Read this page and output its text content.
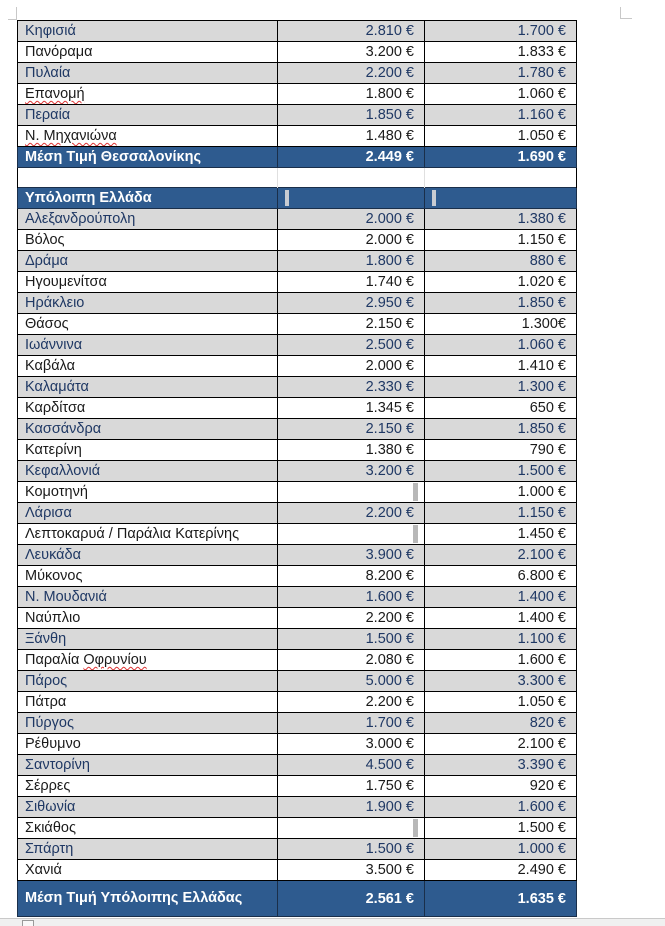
Κηφισιά	2.810 €	1.700 €
Πανόραμα	3.200 €	1.833 €
Πυλαία	2.200 €	1.780 €
Επανομή	1.800 €	1.060 €
Περαία	1.850 €	1.160 €
Ν. Μηχανιώνα	1.480 €	1.050 €
Μέση Τιμή Θεσσαλονίκης	2.449 €	1.690 €

Υπόλοιπη Ελλάδα	

Αλεξανδρούπολη	2.000 €	1.380 €
Βόλος	2.000 €	1.150 €
Δράμα	1.800 €	880 €
Ηγουμενίτσα	1.740 €	1.020 €
Ηράκλειο	2.950 €	1.850 €
Θάσος	2.150 €	1.300€
Ιωάννινα	2.500 €	1.060 €
Καβάλα	2.000 €	1.410 €
Καλαμάτα	2.330 €	1.300 €
Καρδίτσα	1.345 €	650 €
Κασσάνδρα	2.150 €	1.850 €
Κατερίνη	1.380 €	790 €
Κεφαλλονιά	3.200 €	1.500 €
Κομοτηνή		1.000 €
Λάρισα	2.200 €	1.150 €
Λεπτοκαρυά / Παράλια Κατερίνης		1.450 €
Λευκάδα	3.900 €	2.100 €
Μύκονος	8.200 €	6.800 €
Ν. Μουδανιά	1.600 €	1.400 €
Ναύπλιο	2.200 €	1.400 €
Ξάνθη	1.500 €	1.100 €
Παραλία Οφρυνίου	2.080 €	1.600 €
Πάρος	5.000 €	3.300 €
Πάτρα	2.200 €	1.050 €
Πύργος	1.700 €	820 €
Ρέθυμνο	3.000 €	2.100 €
Σαντορίνη	4.500 €	3.390 €
Σέρρες	1.750 €	920 €
Σιθωνία	1.900 €	1.600 €
Σκιάθος		1.500 €
Σπάρτη	1.500 €	1.000 €
Χανιά	3.500 €	2.490 €
Μέση Τιμή Υπόλοιπης Ελλάδας	2.561 €	1.635 €
